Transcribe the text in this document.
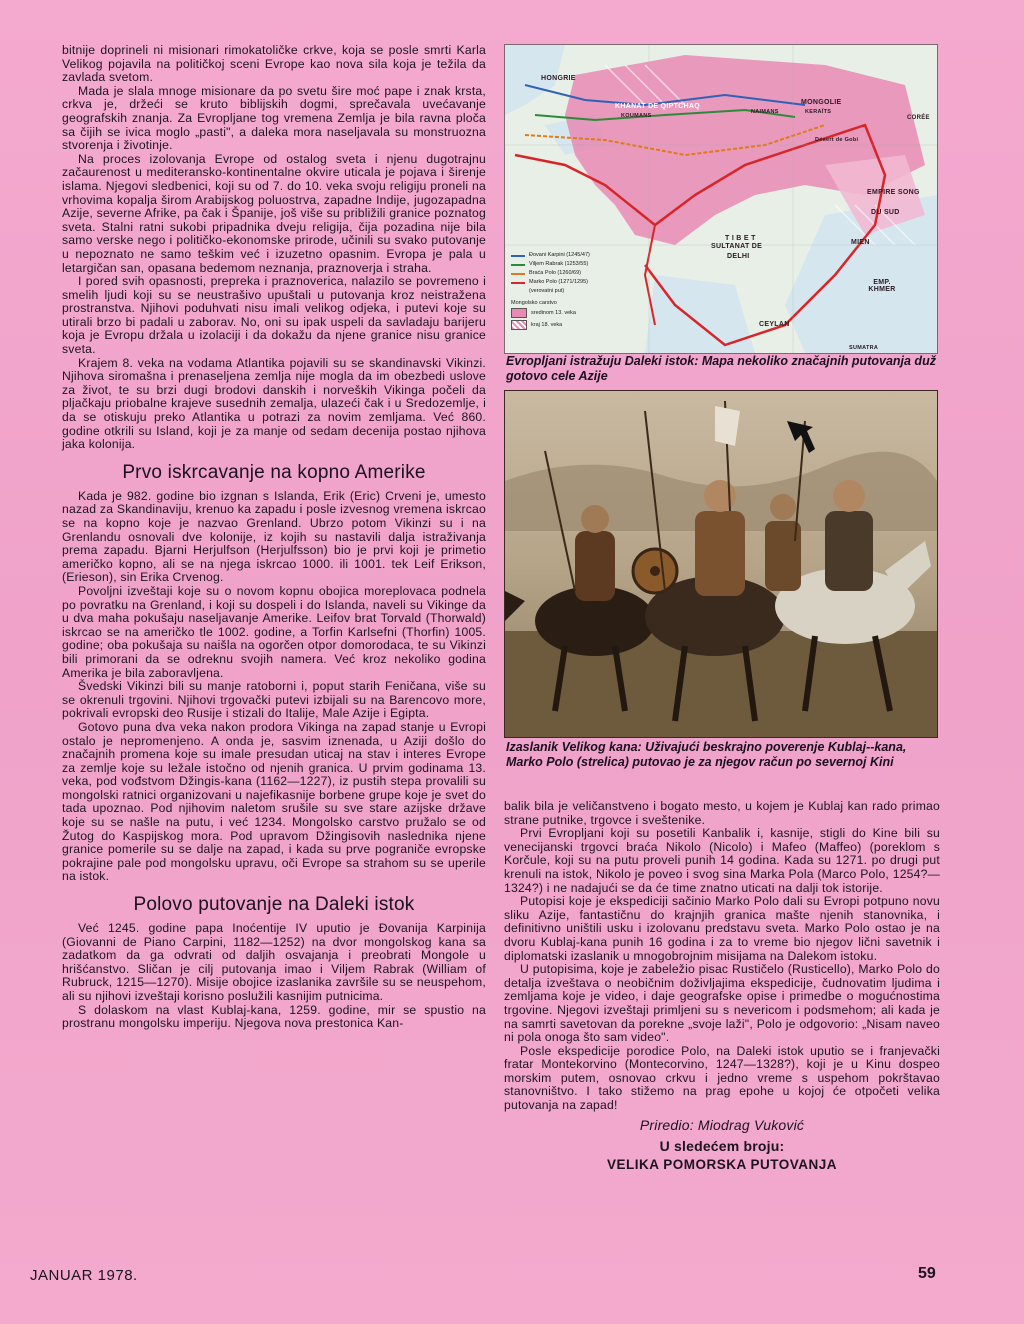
bitnije doprineli ni misionari rimokatoličke crkve, koja se posle smrti Karla Velikog pojavila na političkoj sceni Evrope kao nova sila koja je težila da zavlada svetom.

Mada je slala mnoge misionare da po svetu šire moć pape i znak krsta, crkva je, držeći se kruto biblijskih dogmi, sprečavala uvećavanje geografskih znanja. Za Evropljane tog vremena Zemlja je bila ravna ploča sa čijih se ivica moglo „pasti", a daleka mora naseljavala su monstruozna stvorenja i životinje.

Na proces izolovanja Evrope od ostalog sveta i njenu dugotrajnu začaurenost u mediteransko-kontinentalne okvire uticala je pojava i širenje islama. Njegovi sledbenici, koji su od 7. do 10. veka svoju religiju proneli na vrhovima kopalja širom Arabijskog poluostrva, zapadne Indije, jugozapadna Azije, severne Afrike, pa čak i Španije, još više su približili granice poznatog sveta. Stalni ratni sukobi pripadnika dveju religija, čija pozadina nije bila samo verske nego i političko-ekonomske prirode, učinili su svako putovanje u nepoznato ne samo teškim već i izuzetno opasnim. Evropa je pala u letargičan san, opasana bedemom neznanja, praznoverja i straha.

I pored svih opasnosti, prepreka i praznoverica, nalazilo se povremeno i smelih ljudi koji su se neustrašivo upuštali u putovanja kroz neistražena prostranstva. Njihovi poduhvati nisu imali velikog odjeka, i putevi koje su utirali brzo bi padali u zaborav. No, oni su ipak uspeli da savladaju barijeru koja je Evropu držala u izolaciji i da dokažu da njene granice nisu granice sveta.

Krajem 8. veka na vodama Atlantika pojavili su se skandinavski Vikinzi. Njihova siromašna i prenaseljena zemlja nije mogla da im obezbedi uslove za život, te su brzi dugi brodovi danskih i norveških Vikinga počeli da pljačkaju priobalne krajeve susednih zemalja, ulazeći čak i u Sredozemlje, i da se otiskuju preko Atlantika u potrazi za novim zemljama. Već 860. godine otkrili su Island, koji je za manje od sedam decenija postao njihova jaka kolonija.

Prvo iskrcavanje na kopno Amerike

Kada je 982. godine bio izgnan s Islanda, Erik (Eric) Crveni je, umesto nazad za Skandinaviju, krenuo ka zapadu i posle izvesnog vremena iskrcao se na kopno koje je nazvao Grenland. Ubrzo potom Vikinzi su i na Grenlandu osnovali dve kolonije, iz kojih su nastavili dalja istraživanja prema zapadu. Bjarni Herjulfson (Herjulfsson) bio je prvi koji je primetio američko kopno, ali se na njega iskrcao 1000. ili 1001. tek Leif Erikson, (Erieson), sin Erika Crvenog.

Povoljni izveštaji koje su o novom kopnu obojica moreplovaca podnela po povratku na Grenland, i koji su dospeli i do Islanda, naveli su Vikinge da u dva maha pokušaju naseljavanje Amerike. Leifov brat Torvald (Thorwald) iskrcao se na američko tle 1002. godine, a Torfin Karlsefni (Thorfin) 1005. godine; oba pokušaja su naišla na ogorčen otpor domorodaca, te su Vikinzi bili primorani da se odreknu svojih namera. Već kroz nekoliko godina Amerika je bila zaboravljena.

Švedski Vikinzi bili su manje ratoborni i, poput starih Feničana, više su se okrenuli trgovini. Njihovi trgovački putevi izbijali su na Barencovo more, pokrivali evropski deo Rusije i stizali do Italije, Male Azije i Egipta.

Gotovo puna dva veka nakon prodora Vikinga na zapad stanje u Evropi ostalo je nepromenjeno. A onda je, sasvim iznenada, u Aziji došlo do značajnih promena koje su imale presudan uticaj na stav i interes Evrope za zemlje koje su ležale istočno od njenih granica. U prvim godinama 13. veka, pod vođstvom Džingis-kana (1162—1227), iz pustih stepa provalili su mongolski ratnici organizovani u najefikasnije borbene grupe koje je svet do tada upoznao. Pod njihovim naletom srušile su sve stare azijske države koje su se našle na putu, i već 1234. Mongolsko carstvo pružalo se od Žutog do Kaspijskog mora. Pod upravom Džingisovih naslednika njene granice pomerile su se dalje na zapad, i kada su prve pograniče evropske pokrajine pale pod mongolsku upravu, oči Evrope sa strahom su se uperile na istok.

Polovo putovanje na Daleki istok

Već 1245. godine papa Inoćentije IV uputio je Đovanija Karpinija (Giovanni de Piano Carpini, 1182—1252) na dvor mongolskog kana sa zadatkom da ga odvrati od daljih osvajanja i preobrati Mongole u hrišćanstvo. Sličan je cilj putovanja imao i Viljem Rabrak (William of Rubruck, 1215—1270). Misije obojice izaslanika završile su se neuspehom, ali su njihovi izveštaji korisno poslužili kasnijim putnicima.

S dolaskom na vlast Kublaj-kana, 1259. godine, mir se spustio na prostranu mongolsku imperiju. Njegova nova prestonica Kan-

HONGRIE
KHANAT DE QIPTCHAQ
KOUMANS
MONGOLIE
KERAÏTS
NAIMANS
Désert de Gobi
CORÉE
T I B E T
EMPIRE SONG
DU SUD
SULTANAT DE
DELHI
MIEN
EMP. KHMER
CEYLAN
SUMATRA
Đovani Karpini (1245/47)
Viljem Rabrak (1253/55)
Braća Polo (1260/69)
Marko Polo (1271/1295)
(verovatni put)
Mongolsko carstvo
sredinom 13. veka
kraj 18. veka
Evropljani istražuju Daleki istok: Mapa nekoliko značajnih putovanja duž gotovo cele Azije
Izaslanik Velikog kana: Uživajući beskrajno poverenje Kublaj--kana, Marko Polo (strelica) putovao je za njegov račun po severnoj Kini

balik bila je veličanstveno i bogato mesto, u kojem je Kublaj kan rado primao strane putnike, trgovce i sveštenike.

Prvi Evropljani koji su posetili Kanbalik i, kasnije, stigli do Kine bili su venecijanski trgovci braća Nikolo (Nicolo) i Mafeo (Maffeo) (poreklom s Korčule, koji su na putu proveli punih 14 godina. Kada su 1271. po drugi put krenuli na istok, Nikolo je poveo i svog sina Marka Pola (Marco Polo, 1254?—1324?) i ne nadajući se da će time znatno uticati na dalji tok istorije.

Putopisi koje je ekspediciji sačinio Marko Polo dali su Evropi potpuno novu sliku Azije, fantastičnu do krajnjih granica mašte njenih stanovnika, i definitivno uništili usku i izolovanu predstavu sveta. Marko Polo ostao je na dvoru Kublaj-kana punih 16 godina i za to vreme bio njegov lični savetnik i diplomatski izaslanik u mnogobrojnim misijama na Dalekom istoku.

U putopisima, koje je zabeležio pisac Rustičelo (Rusticello), Marko Polo do detalja izveštava o neobičnim doživljajima ekspedicije, čudnovatim ljudima i zemljama koje je video, i daje geografske opise i primedbe o mogućnostima trgovine. Njegovi izveštaji primljeni su s nevericom i podsmehom; ali kada je na samrti savetovan da porekne „svoje laži", Polo je odgovorio: „Nisam naveo ni pola onoga što sam video".

Posle ekspedicije porodice Polo, na Daleki istok uputio se i franjevački fratar Montekorvino (Montecorvino, 1247—1328?), koji je u Kinu dospeo morskim putem, osnovao crkvu i jedno vreme s uspehom pokrštavao stanovništvo. I tako stižemo na prag epohe u kojoj će otpočeti velika putovanja na zapad!

Priredio: Miodrag Vuković
U sledećem broju:
VELIKA POMORSKA PUTOVANJA
JANUAR 1978.	59
